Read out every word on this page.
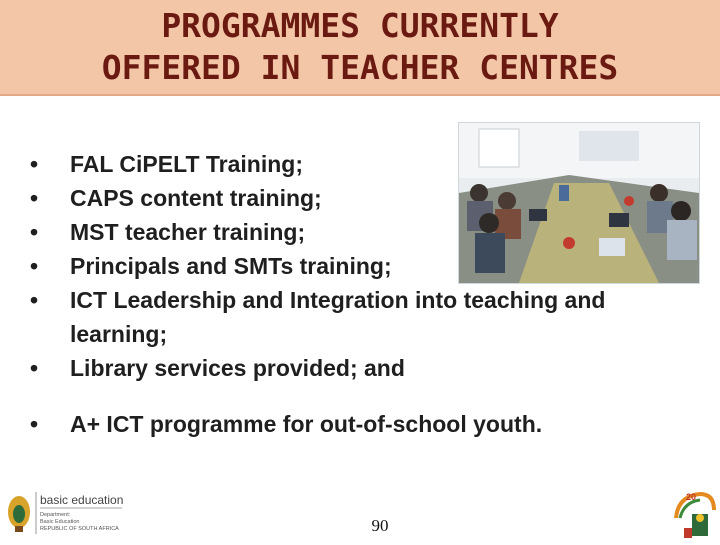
PROGRAMMES CURRENTLY
OFFERED IN TEACHER CENTRES
•	FAL CiPELT Training;
•	CAPS content training;
•	MST teacher training;
•	Principals and SMTs training;
•	ICT Leadership and Integration into teaching and learning;
•	Library services provided; and
•	A+ ICT programme for out-of-school youth.
basic education
Department:
Basic Education
REPUBLIC OF SOUTH AFRICA	90
20
